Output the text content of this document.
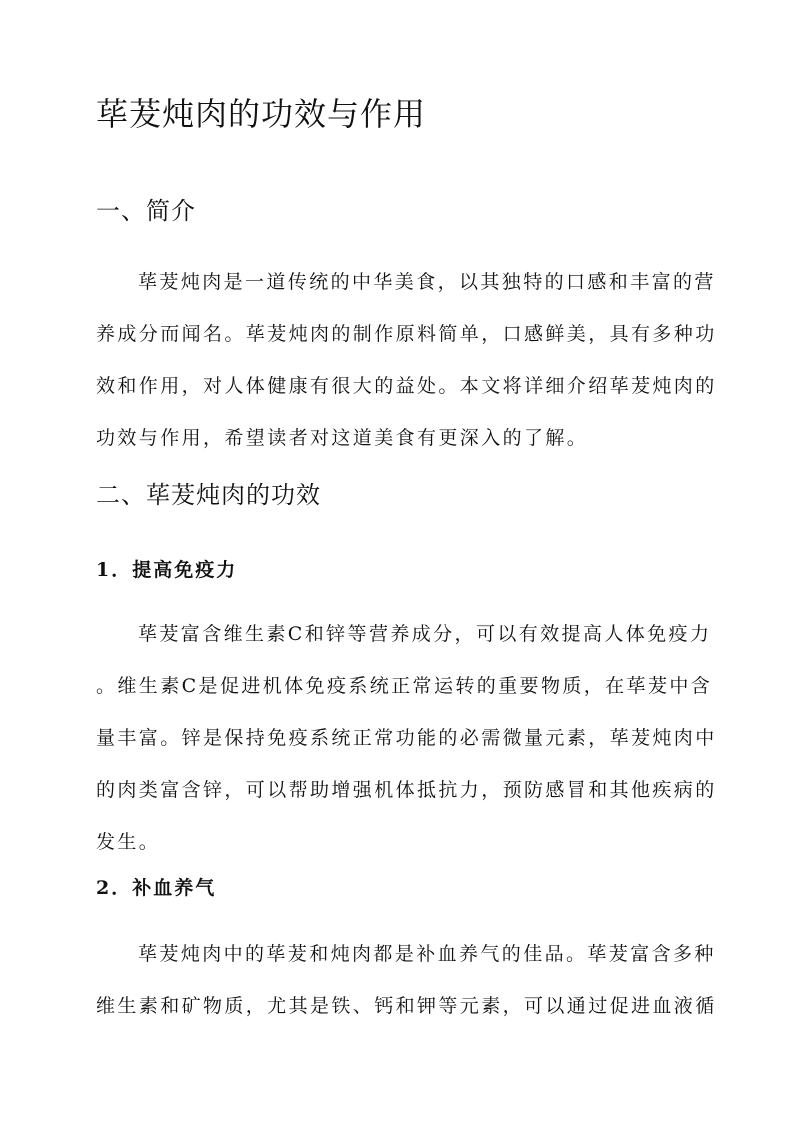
荜茇炖肉的功效与作用
一、简介
荜茇炖肉是一道传统的中华美食，以其独特的口感和丰富的营
养成分而闻名。荜茇炖肉的制作原料简单，口感鲜美，具有多种功
效和作用，对人体健康有很大的益处。本文将详细介绍荜茇炖肉的
功效与作用，希望读者对这道美食有更深入的了解。
二、荜茇炖肉的功效
1．提高免疫力
荜茇富含维生素C和锌等营养成分，可以有效提高人体免疫力
。维生素C是促进机体免疫系统正常运转的重要物质，在荜茇中含
量丰富。锌是保持免疫系统正常功能的必需微量元素，荜茇炖肉中
的肉类富含锌，可以帮助增强机体抵抗力，预防感冒和其他疾病的
发生。
2．补血养气
荜茇炖肉中的荜茇和炖肉都是补血养气的佳品。荜茇富含多种
维生素和矿物质，尤其是铁、钙和钾等元素，可以通过促进血液循
